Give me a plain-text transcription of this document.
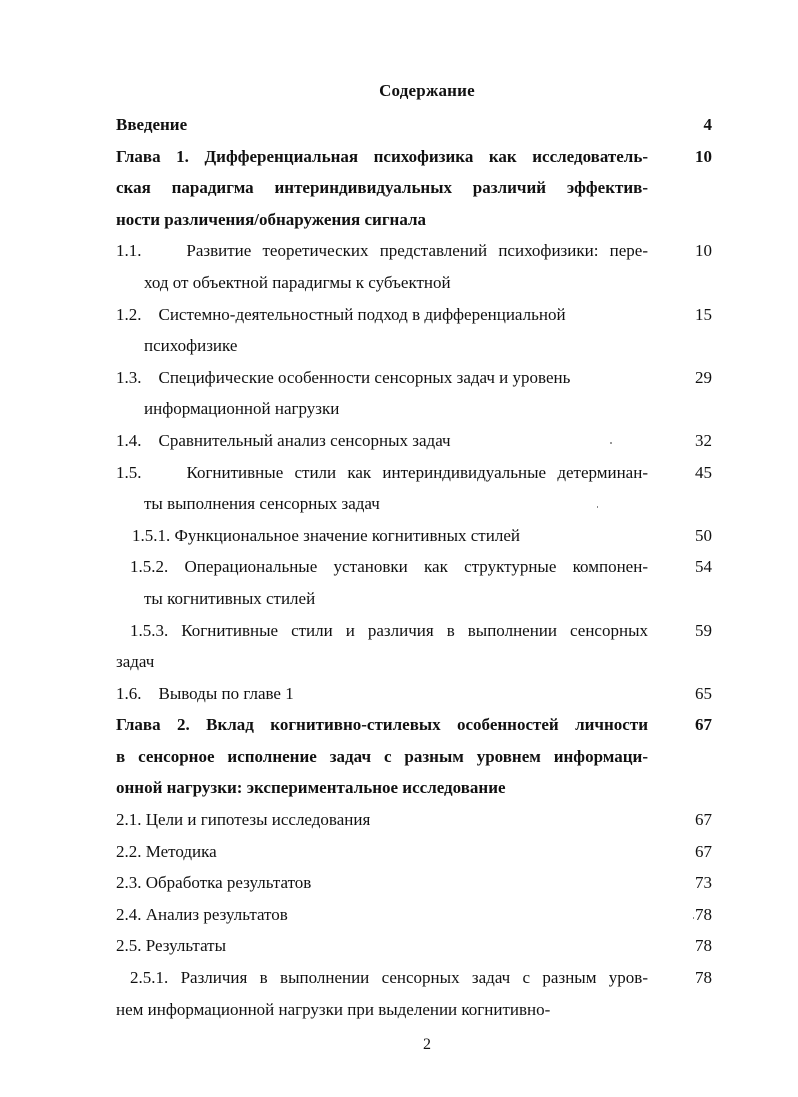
Содержание
Введение	4
Глава 1. Дифференциальная психофизика как исследователь-
ская парадигма интериндивидуальных различий эффектив-
ности различения/обнаружения сигнала
10
1.1.    Развитие теоретических представлений психофизики: пере-
ход от объектной парадигмы к субъектной
10
1.2.    Системно-деятельностный подход в дифференциальной
психофизике
15
1.3.    Специфические особенности сенсорных задач и уровень
информационной нагрузки
29
1.4.    Сравнительный анализ сенсорных задач	32
1.5.    Когнитивные стили как интериндивидуальные детерминан-
ты выполнения сенсорных задач
45
1.5.1. Функциональное значение когнитивных стилей	50
1.5.2. Операциональные установки как структурные компонен-
ты когнитивных стилей
54
1.5.3. Когнитивные стили и различия в выполнении сенсорных
задач
59
1.6.    Выводы по главе 1	65
Глава 2. Вклад когнитивно-стилевых особенностей личности
в сенсорное исполнение задач с разным уровнем информаци-
онной нагрузки: экспериментальное исследование
67
2.1. Цели и гипотезы исследования	67
2.2. Методика	67
2.3. Обработка результатов	73
2.4. Анализ результатов	78
2.5. Результаты	78
2.5.1. Различия в выполнении сенсорных задач с разным уров-
нем информационной нагрузки при выделении когнитивно-
78
2
